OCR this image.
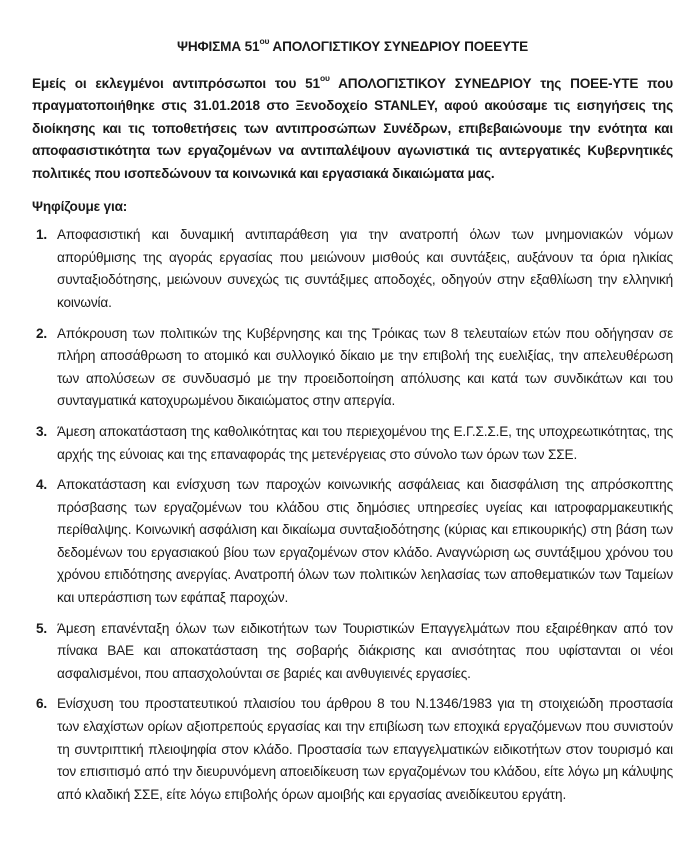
ΨΗΦΙΣΜΑ $51^{o\upsilon}$ ΑΠΟΛΟΓΙΣΤΙΚΟΥ ΣΥΝΕΔΡΙΟΥ ΠΟΕΕΥΤΕ

Εμείς οι εκλεγμένοι αντιπρόσωποι του $51^{o\upsilon}$ ΑΠΟΛΟΓΙΣΤΙΚΟΥ ΣΥΝΕΔΡΙΟΥ της ΠΟΕΕ-ΥΤΕ που πραγματοποιήθηκε στις 31.01.2018 στο Ξενοδοχείο STANLEY, αφού ακούσαμε τις εισηγήσεις της διοίκησης και τις τοποθετήσεις των αντιπροσώπων Συνέδρων, επιβεβαιώνουμε την ενότητα και αποφασιστικότητα των εργαζομένων να αντιπαλέψουν αγωνιστικά τις αντεργατικές Κυβερνητικές πολιτικές που ισοπεδώνουν τα κοινωνικά και εργασιακά δικαιώματα μας.

Ψηφίζουμε για:

1. Αποφασιστική και δυναμική αντιπαράθεση για την ανατροπή όλων των μνημονιακών νόμων απορύθμισης της αγοράς εργασίας που μειώνουν μισθούς και συντάξεις, αυξάνουν τα όρια ηλικίας συνταξιοδότησης, μειώνουν συνεχώς τις συντάξιμες αποδοχές, οδηγούν στην εξαθλίωση την ελληνική κοινωνία.
2. Απόκρουση των πολιτικών της Κυβέρνησης και της Τρόικας των 8 τελευταίων ετών που οδήγησαν σε πλήρη αποσάθρωση το ατομικό και συλλογικό δίκαιο με την επιβολή της ευελιξίας, την απελευθέρωση των απολύσεων σε συνδυασμό με την προειδοποίηση απόλυσης και κατά των συνδικάτων και του συνταγματικά κατοχυρωμένου δικαιώματος στην απεργία.
3. Άμεση αποκατάσταση της καθολικότητας και του περιεχομένου της Ε.Γ.Σ.Σ.Ε, της υποχρεωτικότητας, της αρχής της εύνοιας και της επαναφοράς της μετενέργειας στο σύνολο των όρων των ΣΣΕ.
4. Αποκατάσταση και ενίσχυση των παροχών κοινωνικής ασφάλειας και διασφάλιση της απρόσκοπτης πρόσβασης των εργαζομένων του κλάδου στις δημόσιες υπηρεσίες υγείας και ιατροφαρμακευτικής περίθαλψης. Κοινωνική ασφάλιση και δικαίωμα συνταξιοδότησης (κύριας και επικουρικής) στη βάση των δεδομένων του εργασιακού βίου των εργαζομένων στον κλάδο. Αναγνώριση ως συντάξιμου χρόνου του χρόνου επιδότησης ανεργίας. Ανατροπή όλων των πολιτικών λεηλασίας των αποθεματικών των Ταμείων και υπεράσπιση των εφάπαξ παροχών.
5. Άμεση επανένταξη όλων των ειδικοτήτων των Τουριστικών Επαγγελμάτων που εξαιρέθηκαν από τον πίνακα ΒΑΕ και αποκατάσταση της σοβαρής διάκρισης και ανισότητας που υφίστανται οι νέοι ασφαλισμένοι, που απασχολούνται σε βαριές και ανθυγιεινές εργασίες.
6. Ενίσχυση του προστατευτικού πλαισίου του άρθρου 8 του Ν.1346/1983 για τη στοιχειώδη προστασία των ελαχίστων ορίων αξιοπρεπούς εργασίας και την επιβίωση των εποχικά εργαζόμενων που συνιστούν τη συντριπτική πλειοψηφία στον κλάδο. Προστασία των επαγγελματικών ειδικοτήτων στον τουρισμό και τον επισιτισμό από την διευρυνόμενη αποειδίκευση των εργαζομένων του κλάδου, είτε λόγω μη κάλυψης από κλαδική ΣΣΕ, είτε λόγω επιβολής όρων αμοιβής και εργασίας ανειδίκευτου εργάτη.
